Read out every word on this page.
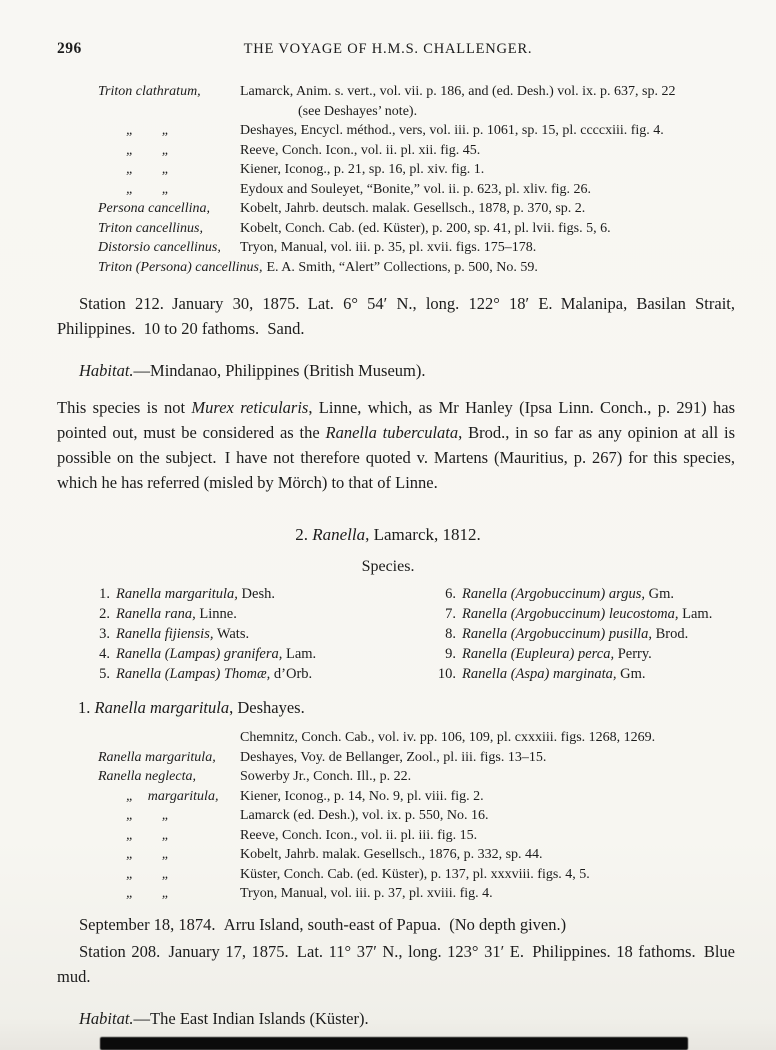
296	THE VOYAGE OF H.M.S. CHALLENGER.
Triton clathratum,	Lamarck, Anim. s. vert., vol. vii. p. 186, and (ed. Desh.) vol. ix. p. 637, sp. 22
(see Deshayes’ note).
„  „	Deshayes, Encycl. méthod., vers, vol. iii. p. 1061, sp. 15, pl. ccccxiii. fig. 4.
„  „	Reeve, Conch. Icon., vol. ii. pl. xii. fig. 45.
„  „	Kiener, Iconog., p. 21, sp. 16, pl. xiv. fig. 1.
„  „	Eydoux and Souleyet, “Bonite,” vol. ii. p. 623, pl. xliv. fig. 26.
Persona cancellina, Kobelt, Jahrb. deutsch. malak. Gesellsch., 1878, p. 370, sp. 2.
Triton cancellinus,	Kobelt, Conch. Cab. (ed. Küster), p. 200, sp. 41, pl. lvii. figs. 5, 6.
Distorsio cancellinus, Tryon, Manual, vol. iii. p. 35, pl. xvii. figs. 175–178.
Triton (Persona) cancellinus, E. A. Smith, “Alert” Collections, p. 500, No. 59.

Station 212. January 30, 1875. Lat. 6° 54′ N., long. 122° 18′ E. Malanipa, Basilan Strait, Philippines. 10 to 20 fathoms. Sand.

Habitat.—Mindanao, Philippines (British Museum).

This species is not Murex reticularis, Linne, which, as Mr Hanley (Ipsa Linn. Conch., p. 291) has pointed out, must be considered as the Ranella tuberculata, Brod., in so far as any opinion at all is possible on the subject. I have not therefore quoted v. Martens (Mauritius, p. 267) for this species, which he has referred (misled by Mörch) to that of Linne.

2. Ranella, Lamarck, 1812.
Species.
1. Ranella margaritula, Desh.
2. Ranella rana, Linne.
3. Ranella fijiensis, Wats.
4. Ranella (Lampas) granifera, Lam.
5. Ranella (Lampas) Thomæ, d’Orb.
6. Ranella (Argobuccinum) argus, Gm.
7. Ranella (Argobuccinum) leucostoma, Lam.
8. Ranella (Argobuccinum) pusilla, Brod.
9. Ranella (Eupleura) perca, Perry.
10. Ranella (Aspa) marginata, Gm.
1. Ranella margaritula, Deshayes.
Chemnitz, Conch. Cab., vol. iv. pp. 106, 109, pl. cxxxiii. figs. 1268, 1269.
Ranella margaritula, Deshayes, Voy. de Bellanger, Zool., pl. iii. figs. 13–15.
Ranella neglecta,	Sowerby Jr., Conch. Ill., p. 22.
„ margaritula, Kiener, Iconog., p. 14, No. 9, pl. viii. fig. 2.
„  „	Lamarck (ed. Desh.), vol. ix. p. 550, No. 16.
„  „	Reeve, Conch. Icon., vol. ii. pl. iii. fig. 15.
„  „	Kobelt, Jahrb. malak. Gesellsch., 1876, p. 332, sp. 44.
„  „	Küster, Conch. Cab. (ed. Küster), p. 137, pl. xxxviii. figs. 4, 5.
„  „	Tryon, Manual, vol. iii. p. 37, pl. xviii. fig. 4.

September 18, 1874. Arru Island, south-east of Papua. (No depth given.)

Station 208. January 17, 1875. Lat. 11° 37′ N., long. 123° 31′ E. Philippines. 18 fathoms. Blue mud.

Habitat.—The East Indian Islands (Küster).
